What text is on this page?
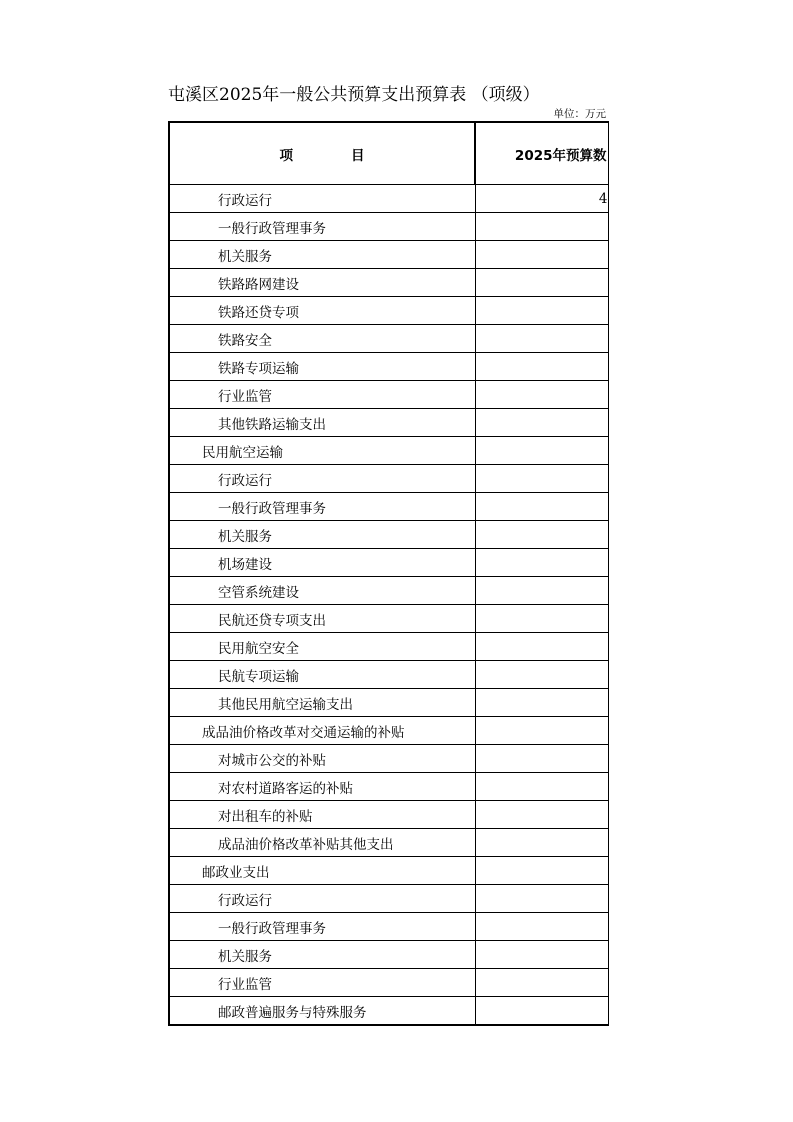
屯溪区2025年一般公共预算支出预算表 （项级）
单位：万元
项 目	2025年预算数
行政运行	4
一般行政管理事务	
机关服务	
铁路路网建设	
铁路还贷专项	
铁路安全	
铁路专项运输	
行业监管	
其他铁路运输支出	
民用航空运输	
行政运行	
一般行政管理事务	
机关服务	
机场建设	
空管系统建设	
民航还贷专项支出	
民用航空安全	
民航专项运输	
其他民用航空运输支出	
成品油价格改革对交通运输的补贴	
对城市公交的补贴	
对农村道路客运的补贴	
对出租车的补贴	
成品油价格改革补贴其他支出	
邮政业支出	
行政运行	
一般行政管理事务	
机关服务	
行业监管	
邮政普遍服务与特殊服务	
